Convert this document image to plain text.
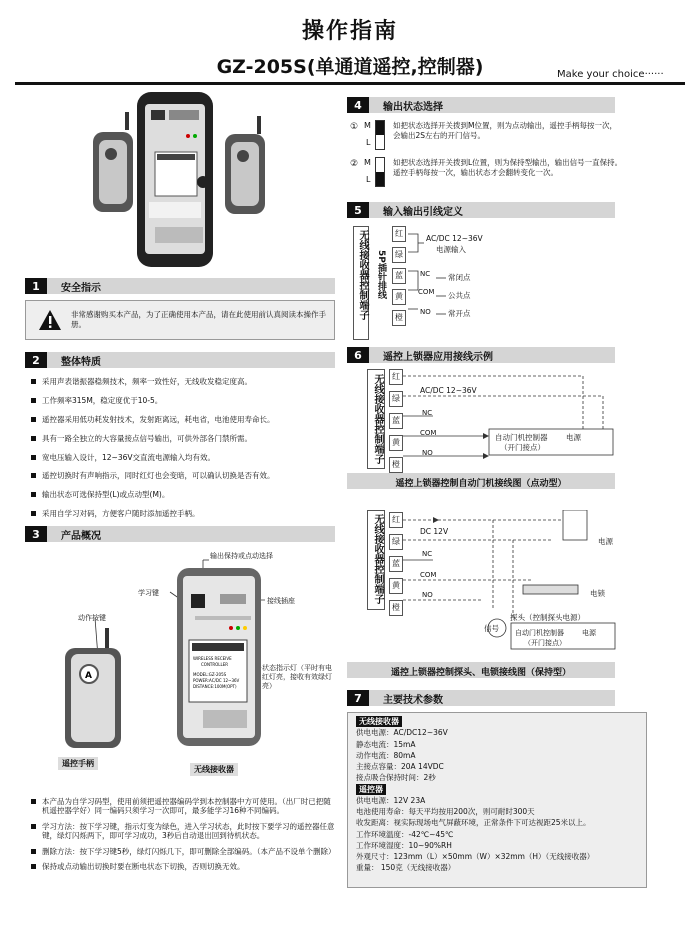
操作指南
GZ-205S(单通道遥控,控制器)	Make your choice······
1	安全指示
非常感谢购买本产品，为了正确使用本产品，请在此使用前认真阅读本操作手册。
2	整体特质
采用声表谐振器稳频技术，频率一致性好，无线收发稳定度高。
工作频率315M，稳定度优于10-5。
遥控器采用低功耗发射技术，发射距离远，耗电省，电池使用寿命长。
具有一路全独立的大容量接点信号输出，可供外部各门禁所需。
宽电压输入设计，12~36V交直流电源输入均有效。
遥控切换时有声响指示，同时红灯也会变暗，可以确认切换是否有效。
输出状态可选保持型(L)或点动型(M)。
采用自学习对码，方便客户随时添加遥控手柄。
3	产品概况
输出保持或点动选择
学习键
接线插座
动作按键
状态指示灯（平时有电红灯亮，接收有效绿灯亮）
WIRELESS RECEIVE
CONTROLLER
MODEL:GZ-205S
POWER:AC/DC 12~36V
DISTANCE:100M(OPT)
A
遥控手柄
无线接收器
本产品为自学习码型，使用前须把遥控器编码学到本控制器中方可使用。（出厂时已把随机遥控器学好）同一编码只须学习一次即可，最多能学习16种不同编码。
学习方法：按下学习键，指示灯变为绿色，进入学习状态，此时按下要学习的遥控器任意键，绿灯闪烁两下，即可学习成功，3秒后自动退出回到待机状态。
删除方法：按下学习键5秒，绿灯闪烁几下，即可删除全部编码。（本产品不设单个删除）
保持或点动输出切换时要在断电状态下切换，否则切换无效。
4	输出状态选择
① M
L
如把状态选择开关拨到M位置，则为点动输出，遥控手柄每按一次，会输出2S左右的开门信号。
② M
L
如把状态选择开关拨到L位置，则为保持型输出，输出信号一直保持。遥控手柄每按一次，输出状态才会翻转变化一次。
5	输入输出引线定义
无线接收器控制端子 5P插针排线
红
绿
蓝
黄
橙
AC/DC 12~36V
电源输入
NC
COM
NO
常闭点
公共点
常开点
6	遥控上锁器应用接线示例
无线接收器控制端子	红
绿
蓝
黄
橙
AC/DC 12~36V
NC
COM
NO
自动门机控制器 电源
（开门接点）
遥控上锁器控制自动门机接线图（点动型）
无线接收器控制端子	红
绿
蓝
黄
橙
DC 12V
NC
COM
NO
电源
电锁
探头（控制探头电源）
信号 自动门机控制器	电源
（开门接点）
遥控上锁器控制探头、电锁接线图（保持型）
7	主要技术参数
无线接收器
供电电源：AC/DC12~36V
静态电流：15mA
动作电流：80mA
主接点容量：20A 14VDC
接点吸合保持时间：2秒
遥控器
供电电源：12V 23A
电池使用寿命：每天平均按用200次，则可耐时300天
收发距离：视实际现场电气屏蔽环境，正常条件下可达视距25米以上。
工作环境温度：-42℃~45℃
工作环境湿度：10~90%RH
外观尺寸：123mm（L）×50mm（W）×32mm（H）（无线接收器）
重量： 150克（无线接收器）
